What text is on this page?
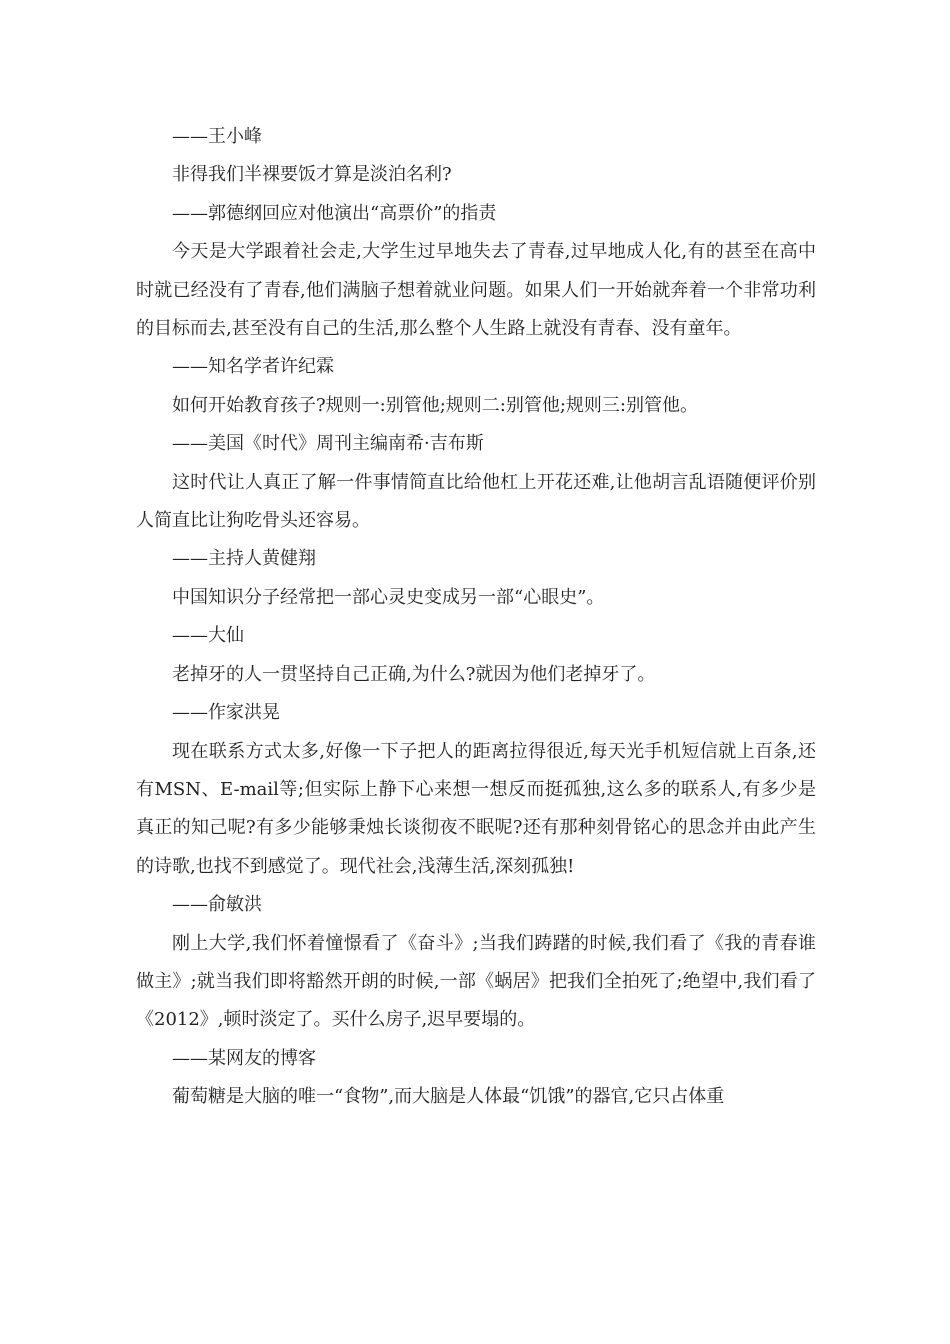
——王小峰

非得我们半裸要饭才算是淡泊名利?

——郭德纲回应对他演出“高票价”的指责

今天是大学跟着社会走,大学生过早地失去了青春,过早地成人化,有的甚至在高中时就已经没有了青春,他们满脑子想着就业问题。如果人们一开始就奔着一个非常功利的目标而去,甚至没有自己的生活,那么整个人生路上就没有青春、没有童年。

——知名学者许纪霖

如何开始教育孩子?规则一:别管他;规则二:别管他;规则三:别管他。

——美国《时代》周刊主编南希·吉布斯

这时代让人真正了解一件事情简直比给他杠上开花还难,让他胡言乱语随便评价别人简直比让狗吃骨头还容易。

——主持人黄健翔

中国知识分子经常把一部心灵史变成另一部“心眼史”。

——大仙

老掉牙的人一贯坚持自己正确,为什么?就因为他们老掉牙了。

——作家洪晃

现在联系方式太多,好像一下子把人的距离拉得很近,每天光手机短信就上百条,还有MSN、E-mail等;但实际上静下心来想一想反而挺孤独,这么多的联系人,有多少是真正的知己呢?有多少能够秉烛长谈彻夜不眠呢?还有那种刻骨铭心的思念并由此产生的诗歌,也找不到感觉了。现代社会,浅薄生活,深刻孤独!

——俞敏洪

刚上大学,我们怀着憧憬看了《奋斗》;当我们踌躇的时候,我们看了《我的青春谁做主》;就当我们即将豁然开朗的时候,一部《蜗居》把我们全拍死了;绝望中,我们看了《2012》,顿时淡定了。买什么房子,迟早要塌的。

——某网友的博客

葡萄糖是大脑的唯一“食物”,而大脑是人体最“饥饿”的器官,它只占体重
